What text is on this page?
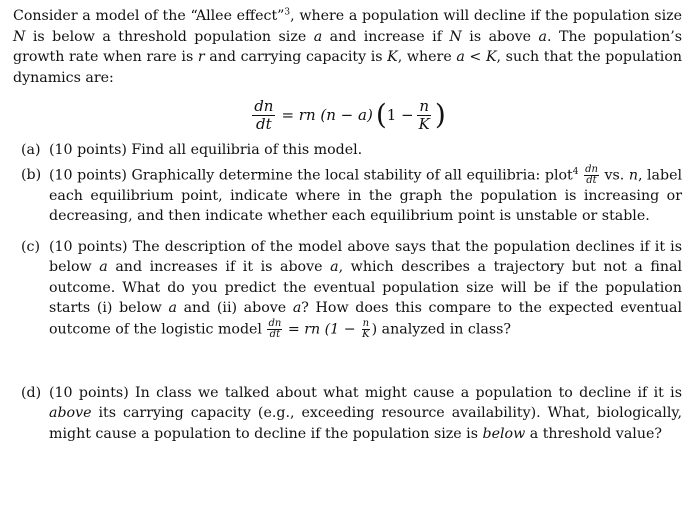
Consider a model of the “Allee effect”$^3$, where a population will decline if the population size N is below a threshold population size a and increase if N is above a. The population’s growth rate when rare is r and carrying capacity is K, where a < K, such that the population dynamics are:

$\frac{dn}{dt}$ = rn (n − a) ( $1 - \frac{n}{K}$ )
(a) (10 points) Find all equilibria of this model.
(b) (10 points) Graphically determine the local stability of all equilibria: plot$^4$ $\frac{dn}{dt}$ vs. n, label each equilibrium point, indicate where in the graph the population is increasing or decreasing, and then indicate whether each equilibrium point is unstable or stable.
(c) (10 points) The description of the model above says that the population declines if it is below a and increases if it is above a, which describes a trajectory but not a final outcome. What do you predict the eventual population size will be if the population starts (i) below a and (ii) above a? How does this compare to the expected eventual outcome of the logistic model $\frac{dn}{dt}$ = rn ($1 - \frac{n}{K}$ ) analyzed in class?
(d) (10 points) In class we talked about what might cause a population to decline if it is above its carrying capacity (e.g., exceeding resource availability). What, biologically, might cause a population to decline if the population size is below a threshold value?
